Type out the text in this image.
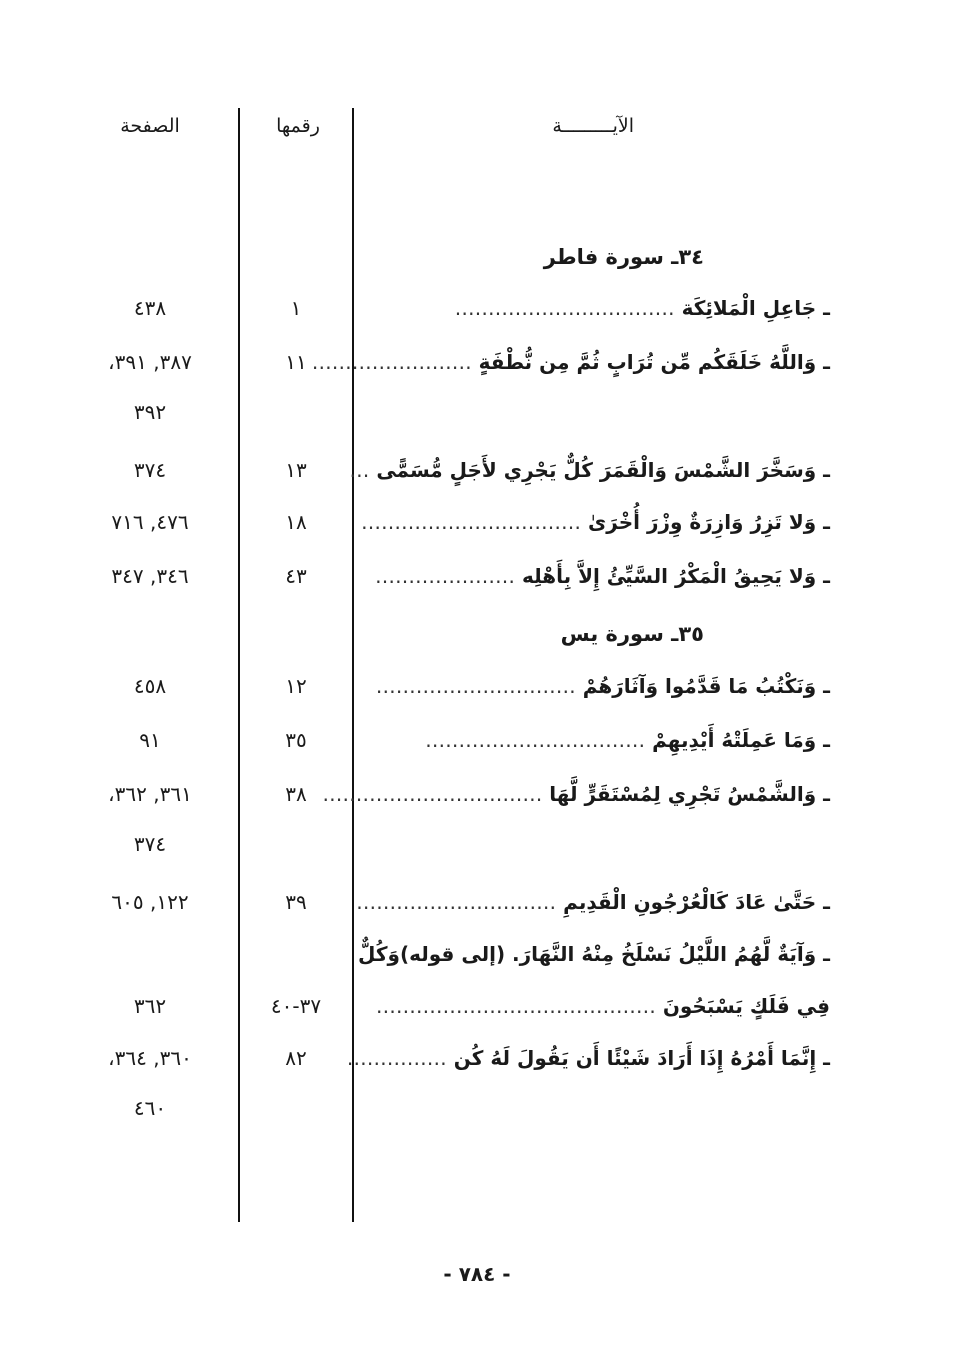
الآيـــــــــة
رقمها
الصفحة
٣٤ـ سورة فاطر
ـ جَاعِلِ الْمَلائِكَة ……………………………
١
٤٣٨
ـ وَاللَّهُ خَلَقَكُم مِّن تُرَابٍ ثُمَّ مِن نُّطْفَةٍ ……………………
١١
٣٨٧, ٣٩١،
٣٩٢
ـ وَسَخَّرَ الشَّمْسَ وَالْقَمَرَ كُلٌّ يَجْرِي لأَجَلٍ مُّسَمًّى …
١٣
٣٧٤
ـ وَلا تَزِرُ وَازِرَةٌ وِزْرَ أُخْرَىٰ ……………………………
١٨
٤٧٦, ٧١٦
ـ وَلا يَحِيقُ الْمَكْرُ السَّيِّئُ إِلاَّ بِأَهْلِه …………………
٤٣
٣٤٦, ٣٤٧
٣٥ـ سورة يس
ـ وَنَكْتُبُ مَا قَدَّمُوا وَآثَارَهُمْ …………………………
١٢
٤٥٨
ـ وَمَا عَمِلَتْهُ أَيْدِيهِمْ ……………………………
٣٥
٩١
ـ وَالشَّمْسُ تَجْرِي لِمُسْتَقَرٍّ لَّهَا ……………………………
٣٨
٣٦١, ٣٦٢،
٣٧٤
ـ حَتَّىٰ عَادَ كَالْعُرْجُونِ الْقَدِيمِ …………………………
٣٩
١٢٢, ٦٠٥
ـ وَآيَةٌ لَّهُمُ اللَّيْلُ نَسْلَخُ مِنْهُ النَّهَارَ. (إلى قوله)وَكُلٌّ
فِي فَلَكٍ يَسْبَحُونَ ……………………………………
٣٧-٤٠
٣٦٢
ـ إِنَّمَا أَمْرُهُ إِذَا أَرَادَ شَيْئًا أَن يَقُولَ لَهُ كُن ……………
٨٢
٣٦٠, ٣٦٤،
٤٦٠
- ٧٨٤ -
